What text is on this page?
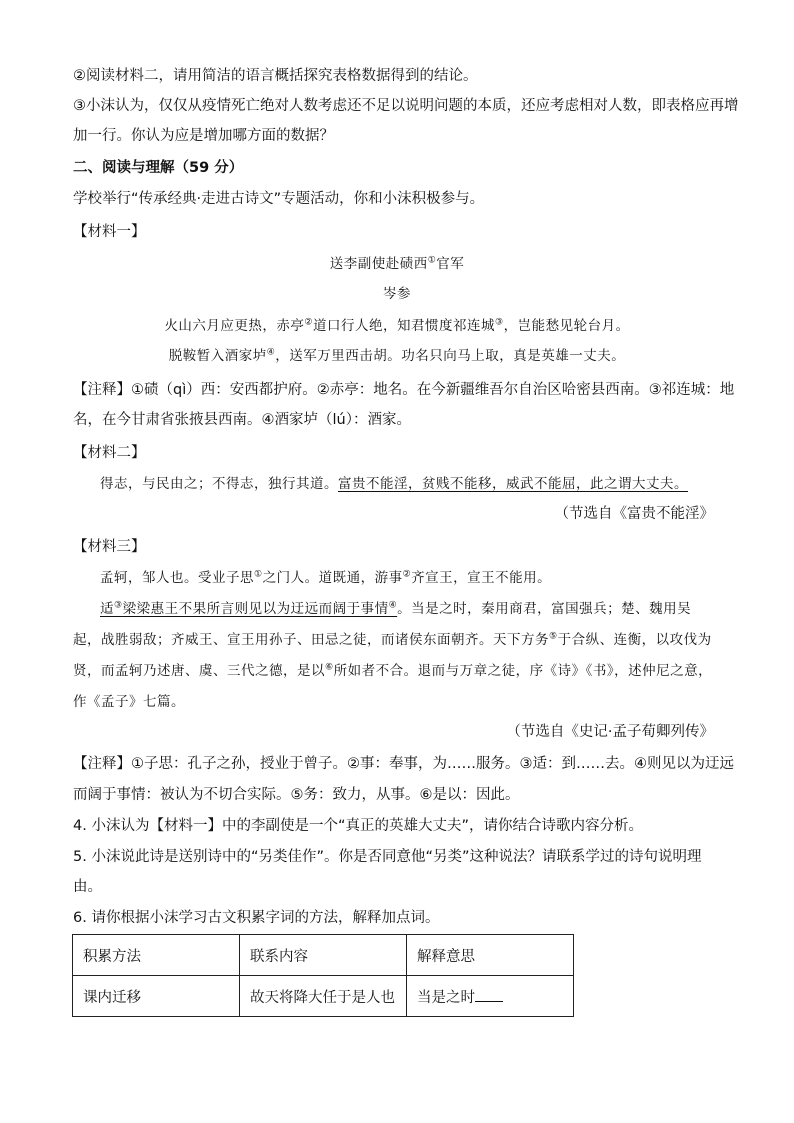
②阅读材料二，请用简洁的语言概括探究表格数据得到的结论。
③小沫认为，仅仅从疫情死亡绝对人数考虑还不足以说明问题的本质，还应考虑相对人数，即表格应再增
加一行。你认为应是增加哪方面的数据？
二、阅读与理解（59 分）
学校举行“传承经典·走进古诗文”专题活动，你和小沫积极参与。
【材料一】
送李副使赴碛西①官军
岑参
火山六月应更热，赤亭②道口行人绝，知君惯度祁连城③，岂能愁见轮台月。
脱鞍暂入酒家垆④，送军万里西击胡。功名只向马上取，真是英雄一丈夫。
【注释】①碛（qì）西：安西都护府。②赤亭：地名。在今新疆维吾尔自治区哈密县西南。③祁连城：地
名，在今甘肃省张掖县西南。④酒家垆（lú）：酒家。
【材料二】
得志，与民由之；不得志，独行其道。富贵不能淫，贫贱不能移，威武不能屈，此之谓大丈夫。
（节选自《富贵不能淫》
【材料三】
孟轲，邹人也。受业子思①之门人。道既通，游事②齐宣王，宣王不能用。
适③梁梁惠王不果所言则见以为迂远而阔于事情④。当是之时，秦用商君，富国强兵；楚、魏用吴
起，战胜弱敌；齐威王、宣王用孙子、田忌之徒，而诸侯东面朝齐。天下方务⑤于合纵、连衡，以攻伐为
贤，而孟轲乃述唐、虞、三代之德，是以⑥所如者不合。退而与万章之徒，序《诗》《书》，述仲尼之意，
作《孟子》七篇。
（节选自《史记·孟子荀卿列传》
【注释】①子思：孔子之孙，授业于曾子。②事：奉事，为……服务。③适：到……去。④则见以为迂远
而阔于事情：被认为不切合实际。⑤务：致力，从事。⑥是以：因此。
4. 小沫认为【材料一】中的李副使是一个“真正的英雄大丈夫”，请你结合诗歌内容分析。
5. 小沫说此诗是送别诗中的“另类佳作”。你是否同意他“另类”这种说法？请联系学过的诗句说明理
由。
6. 请你根据小沫学习古文积累字词的方法，解释加点词。
积累方法	联系内容	解释意思
课内迁移	故天将降大任于是人也	当是之时
